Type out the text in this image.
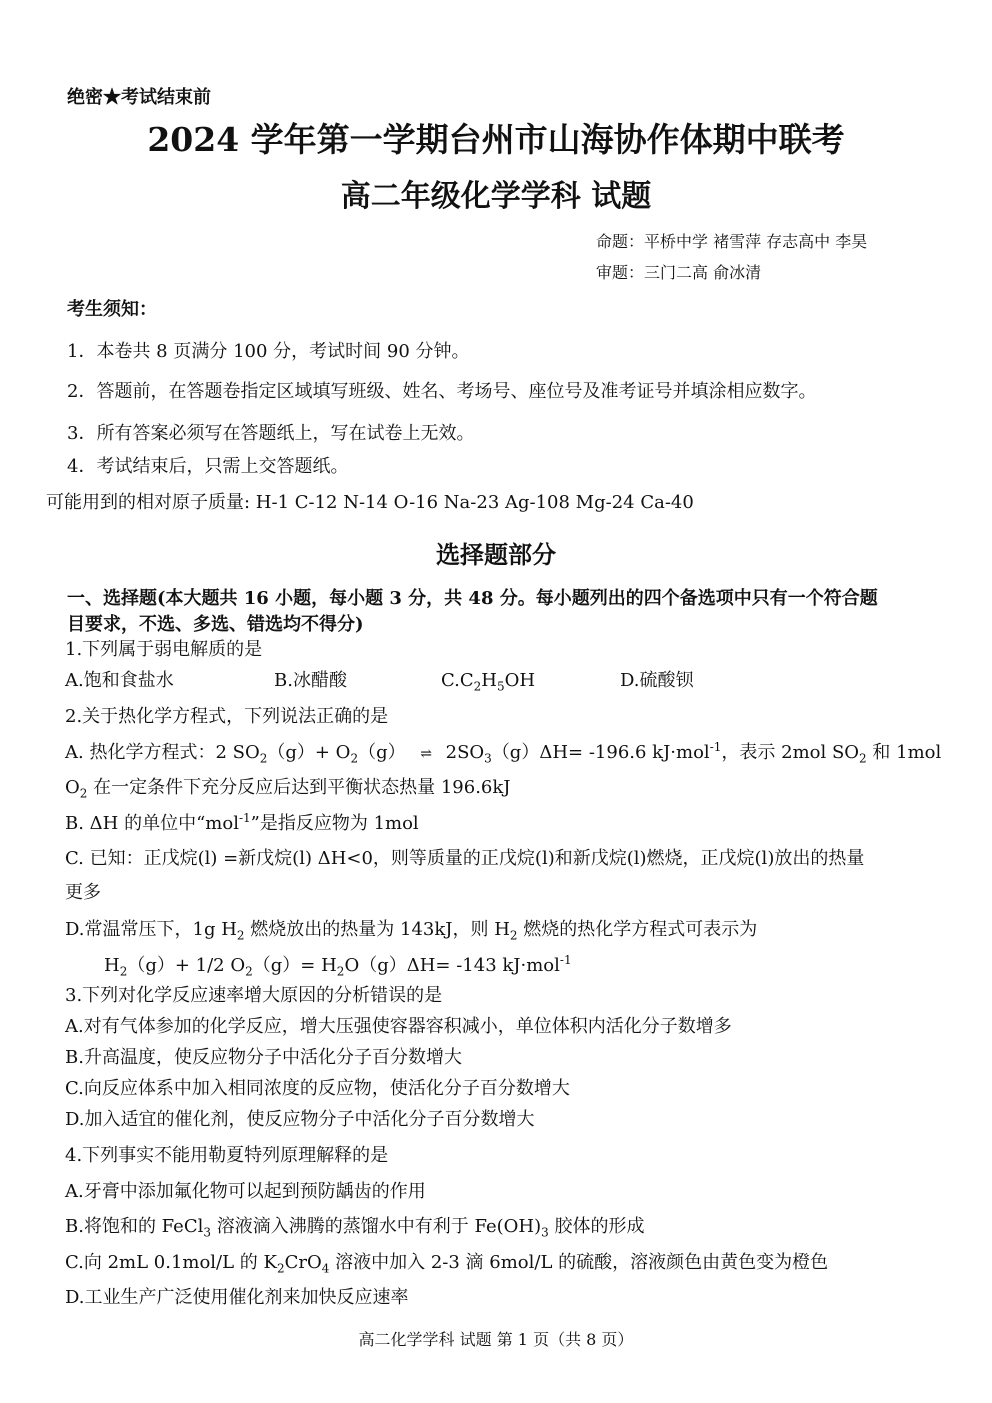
绝密★考试结束前
2024 学年第一学期台州市山海协作体期中联考
高二年级化学学科 试题
命题：平桥中学 褚雪萍 存志高中 李昊
审题：三门二高 俞冰清
考生须知：
1．本卷共 8 页满分 100 分，考试时间 90 分钟。
2．答题前，在答题卷指定区域填写班级、姓名、考场号、座位号及准考证号并填涂相应数字。
3．所有答案必须写在答题纸上，写在试卷上无效。
4．考试结束后，只需上交答题纸。
可能用到的相对原子质量: H-1 C-12 N-14 O-16 Na-23 Ag-108 Mg-24 Ca-40
选择题部分
一、选择题(本大题共 16 小题，每小题 3 分，共 48 分。每小题列出的四个备选项中只有一个符合题
目要求，不选、多选、错选均不得分)
1.下列属于弱电解质的是
A.饱和食盐水	B.冰醋酸	$C.C_2H_5OH$	D.硫酸钡
2.关于热化学方程式，下列说法正确的是
A. 热化学方程式：2 $SO_2(g)+ O_2(g)$ ⇌ $2SO_3(g)\Delta H= -196.6$ kJ·mol$^{-1}$，表示 2mol $SO_2$ 和 1mol
$O_2$ 在一定条件下充分反应后达到平衡状态热量 196.6kJ
B. ΔH 的单位中“mol$^{-1}$”是指反应物为 1mol
C. 已知：正戊烷(l) =新戊烷(l) ΔH<0，则等质量的正戊烷(l)和新戊烷(l)燃烧，正戊烷(l)放出的热量
更多
D.常温常压下，1g $H_2$ 燃烧放出的热量为 143kJ，则 $H_2$ 燃烧的热化学方程式可表示为
$H_2(g)+ 1/2$ $O_2(g)= H_2O(g)\Delta H= -143$ kJ·mol$^{-1}$
3.下列对化学反应速率增大原因的分析错误的是
A.对有气体参加的化学反应，增大压强使容器容积减小，单位体积内活化分子数增多
B.升高温度，使反应物分子中活化分子百分数增大
C.向反应体系中加入相同浓度的反应物，使活化分子百分数增大
D.加入适宜的催化剂，使反应物分子中活化分子百分数增大
4.下列事实不能用勒夏特列原理解释的是
A.牙膏中添加氟化物可以起到预防龋齿的作用
B.将饱和的 FeCl$_3$ 溶液滴入沸腾的蒸馏水中有利于 $Fe(OH)_3$ 胶体的形成
C.向 2mL 0.1mol/L 的 $K_2CrO_4$ 溶液中加入 2-3 滴 6mol/L 的硫酸，溶液颜色由黄色变为橙色
D.工业生产广泛使用催化剂来加快反应速率
高二化学学科 试题 第 1 页（共 8 页）
